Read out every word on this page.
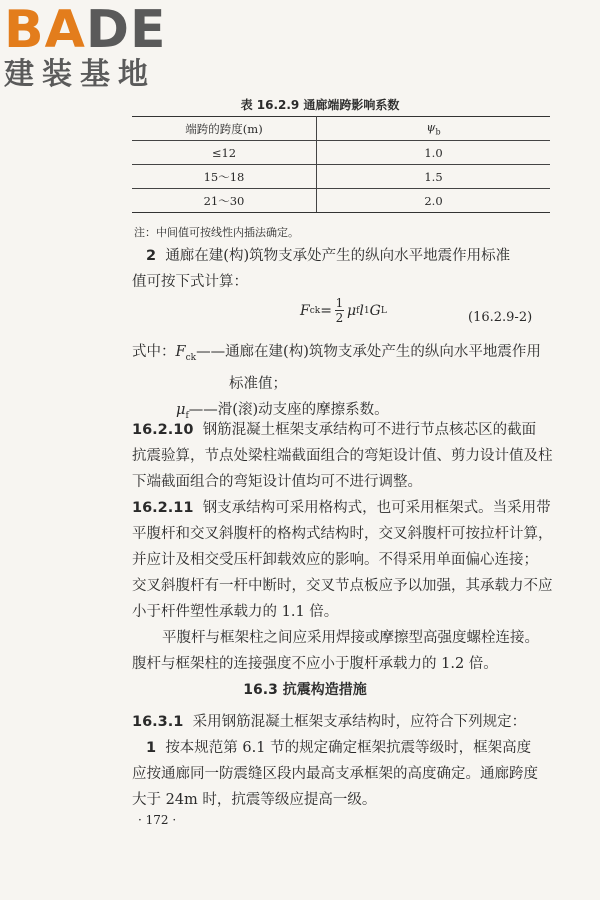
BADE
建装基地
表 16.2.9 通廊端跨影响系数
端跨的跨度(m)	$\psi_b$
≤12	1.0
15～18	1.5
21～30	2.0
注：中间值可按线性内插法确定。
2 通廊在建(构)筑物支承处产生的纵向水平地震作用标准
值可按下式计算：
F ck = $\frac{1}{2}$ μ f l 1 G L	(16.2.9-2)
式中：$F_{ck}——$通廊在建(构)筑物支承处产生的纵向水平地震作用
标准值；
$\mu_f——$滑(滚)动支座的摩擦系数。
16.2.10 钢筋混凝土框架支承结构可不进行节点核芯区的截面
抗震验算，节点处梁柱端截面组合的弯矩设计值、剪力设计值及柱
下端截面组合的弯矩设计值均可不进行调整。
16.2.11 钢支承结构可采用格构式，也可采用框架式。当采用带
平腹杆和交叉斜腹杆的格构式结构时，交叉斜腹杆可按拉杆计算，
并应计及相交受压杆卸载效应的影响。不得采用单面偏心连接；
交叉斜腹杆有一杆中断时，交叉节点板应予以加强，其承载力不应
小于杆件塑性承载力的 1.1 倍。
平腹杆与框架柱之间应采用焊接或摩擦型高强度螺栓连接。
腹杆与框架柱的连接强度不应小于腹杆承载力的 1.2 倍。
16.3 抗震构造措施
16.3.1 采用钢筋混凝土框架支承结构时，应符合下列规定：
1 按本规范第 6.1 节的规定确定框架抗震等级时，框架高度
应按通廊同一防震缝区段内最高支承框架的高度确定。通廊跨度
大于 24m 时，抗震等级应提高一级。
· 172 ·
